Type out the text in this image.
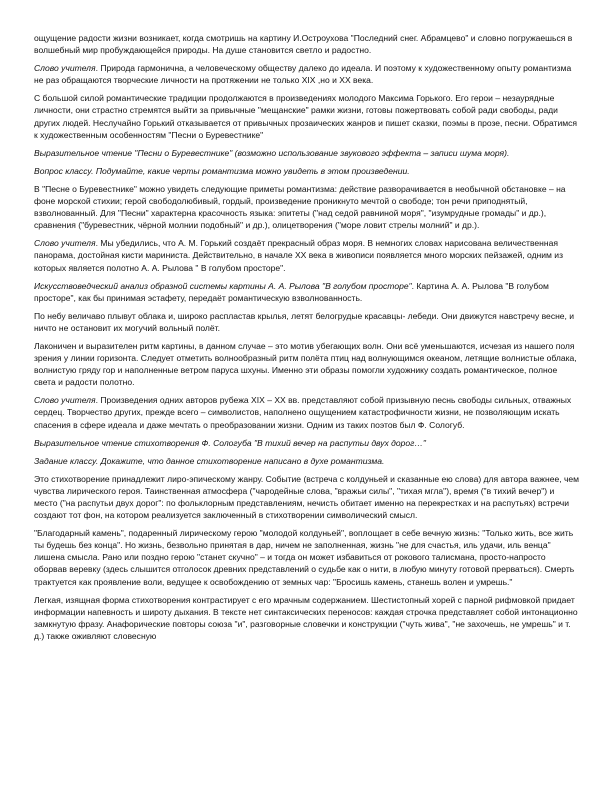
ощущение радости жизни возникает, когда смотришь на картину И.Остроухова "Последний снег. Абрамцево" и словно погружаешься в волшебный мир пробуждающейся природы. На душе становится светло и радостно.

Слово учителя. Природа гармонична, а человеческому обществу далеко до идеала. И поэтому к художественному опыту романтизма не раз обращаются творческие личности на протяжении не только XIX ,но и XX века.

С большой силой романтические традиции продолжаются в произведениях молодого Максима Горького. Его герои – незаурядные личности, они страстно стремятся выйти за привычные "мещанские" рамки жизни, готовы пожертвовать собой ради свободы, ради других людей. Неслучайно Горький отказывается от привычных прозаических жанров и пишет сказки, поэмы в прозе, песни. Обратимся к художественным особенностям "Песни о Буревестнике"

Выразительное чтение "Песни о Буревестнике" (возможно использование звукового эффекта – записи шума моря).

Вопрос классу. Подумайте, какие черты романтизма можно увидеть в этом произведении.

В "Песне о Буревестнике" можно увидеть следующие приметы романтизма: действие разворачивается в необычной обстановке – на фоне морской стихии; герой свободолюбивый, гордый, произведение проникнуто мечтой о свободе; тон речи приподнятый, взволнованный. Для "Песни" характерна красочность языка: эпитеты ("над седой равниной моря", "изумрудные громады" и др.), сравнения ("буревестник, чёрной молнии подобный" и др.), олицетворения ("море ловит стрелы молний" и др.).

Слово учителя. Мы убедились, что А. М. Горький создаёт прекрасный образ моря. В немногих словах нарисована величественная панорама, достойная кисти мариниста. Действительно, в начале XX века в живописи появляется много морских пейзажей, одним из которых является полотно А. А. Рылова " В голубом просторе".

Искусствоведческий анализ образной системы картины А. А. Рылова "В голубом просторе". Картина А. А. Рылова "В голубом просторе", как бы принимая эстафету, передаёт романтическую взволнованность.

По небу величаво плывут облака и, широко распластав крылья, летят белогрудые красавцы- лебеди. Они движутся навстречу весне, и ничто не остановит их могучий вольный полёт.

Лаконичен и выразителен ритм картины, в данном случае – это мотив убегающих волн. Они всё уменьшаются, исчезая из нашего поля зрения у линии горизонта. Следует отметить волнообразный ритм полёта птиц над волнующимся океаном, летящие волнистые облака, волнистую гряду гор и наполненные ветром паруса шхуны. Именно эти образы помогли художнику создать романтическое, полное света и радости полотно.

Слово учителя. Произведения одних авторов рубежа XIX – XX вв. представляют собой призывную песнь свободы сильных, отважных сердец. Творчество других, прежде всего – символистов, наполнено ощущением катастрофичности жизни, не позволяющим искать спасения в сфере идеала и даже мечтать о преобразовании жизни. Одним из таких поэтов был Ф. Сологуб.

Выразительное чтение стихотворения Ф. Сологуба "В тихий вечер на распутьи двух дорог…"

Задание классу. Докажите, что данное стихотворение написано в духе романтизма.

Это стихотворение принадлежит лиро-эпическому жанру. Событие (встреча с колдуньей и сказанные ею слова) для автора важнее, чем чувства лирического героя. Таинственная атмосфера ("чародейные слова, "вражьи силы", "тихая мгла"), время ("в тихий вечер") и место ("на распутьи двух дорог": по фольклорным представлениям, нечисть обитает именно на перекрестках и на распутьях) встречи создают тот фон, на котором реализуется заключенный в стихотворении символический смысл.

"Благодарный камень", подаренный лирическому герою "молодой колдуньей", воплощает в себе вечную жизнь: "Только жить, все жить ты будешь без конца". Но жизнь, безвольно принятая в дар, ничем не заполненная, жизнь "не для счастья, иль удачи, иль венца" лишена смысла. Рано или поздно герою "станет скучно" – и тогда он может избавиться от рокового талисмана, просто-напросто оборвав веревку (здесь слышится отголосок древних представлений о судьбе как о нити, в любую минуту готовой прерваться). Смерть трактуется как проявление воли, ведущее к освобождению от земных чар: "Бросишь камень, станешь волен и умрешь."

Легкая, изящная форма стихотворения контрастирует с его мрачным содержанием. Шестистопный хорей с парной рифмовкой придает информации напевность и широту дыхания. В тексте нет синтаксических переносов: каждая строчка представляет собой интонационно замкнутую фразу. Анафорические повторы союза "и", разговорные словечки и конструкции ("чуть жива", "не захочешь, не умрешь" и т. д.) также оживляют словесную
